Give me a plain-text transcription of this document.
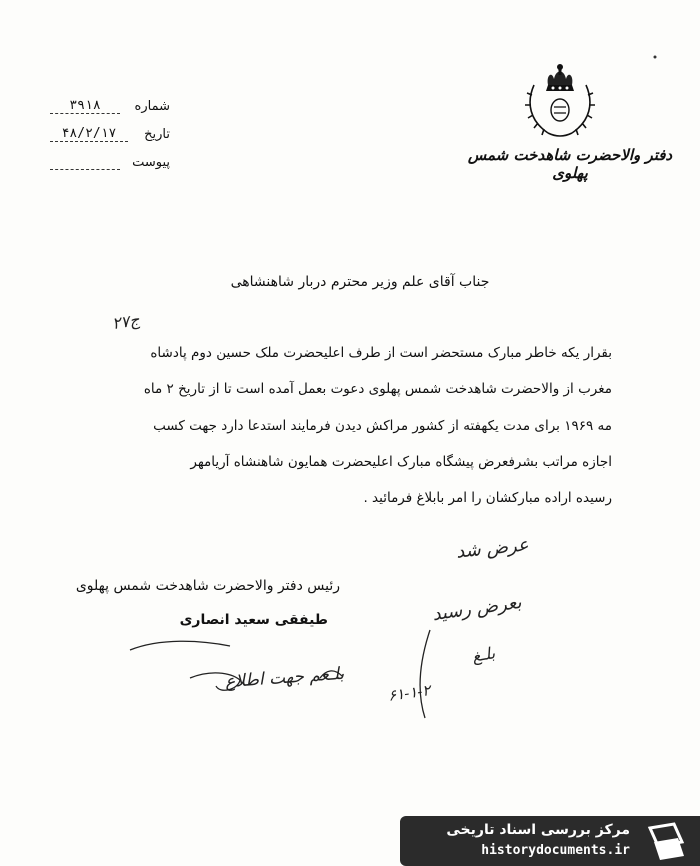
دفتر والاحضرت شاهدخت شمس پهلوی
شماره
۳۹۱۸
تاریخ
۴۸/۲/۱۷
پیوست
جناب آقای علم وزیر محترم دربار شاهنشاهی
۲۷ج
بقرار یکه خاطر مبارک مستحضر است از طرف اعلیحضرت ملک حسین دوم پادشاه
مغرب از والاحضرت شاهدخت شمس پهلوی دعوت بعمل آمده است تا از تاریخ ۲ ماه
مه ۱۹۶۹ برای مدت یکهفته از کشور مراکش دیدن فرمایند استدعا دارد جهت کسب
اجازه مراتب بشرفعرض پیشگاه مبارک اعلیحضرت همایون شاهنشاه آریامهر
رسیده اراده مبارکشان را امر بابلاغ فرمائید .
عرض شد
رئیس دفتر والاحضرت شاهدخت شمس پهلوی
طیفقی سعید انصاری	بعرض رسید
بلـغ
بلـعم جهت اطلاع
۶۱-۱-۲
مرکز بررسی اسناد تاریخی
historydocuments.ir
